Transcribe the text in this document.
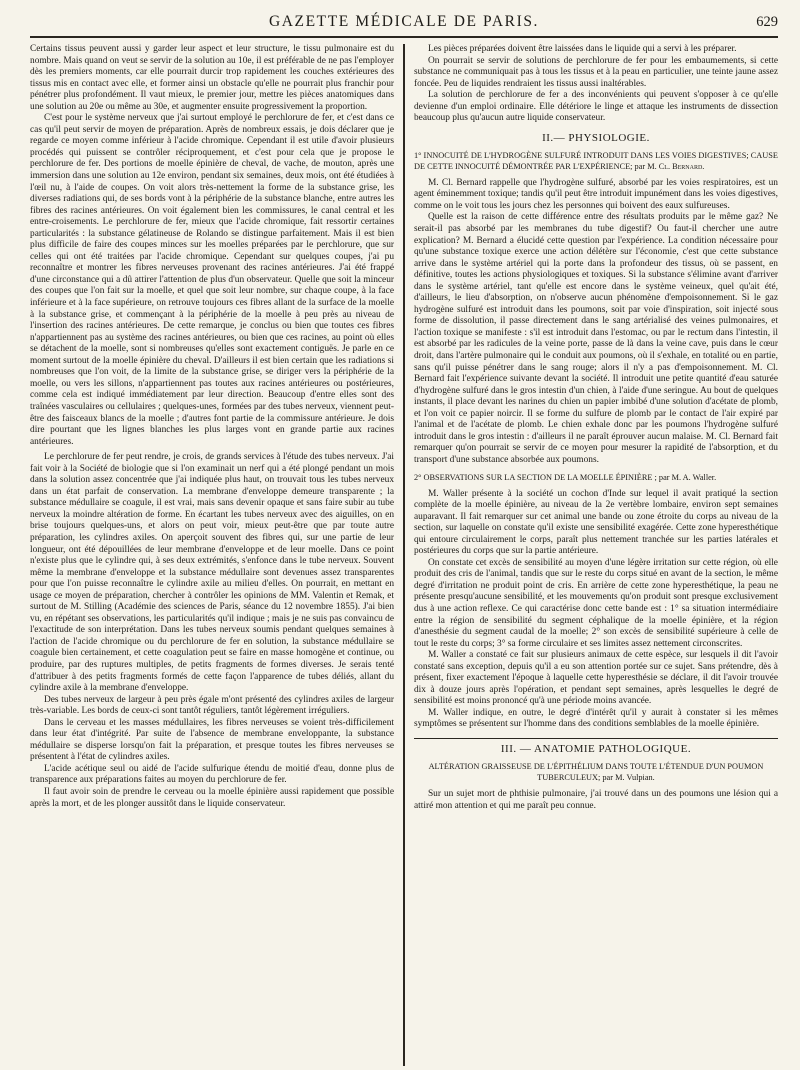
GAZETTE MÉDICALE DE PARIS.	629

Certains tissus peuvent aussi y garder leur aspect et leur structure, le tissu pulmonaire est du nombre. Mais quand on veut se servir de la solution au 10e, il est préférable de ne pas l'employer dès les premiers moments, car elle pourrait durcir trop rapidement les couches extérieures des tissus mis en contact avec elle, et former ainsi un obstacle qu'elle ne pourrait plus franchir pour pénétrer plus profondément. Il vaut mieux, le premier jour, mettre les pièces anatomiques dans une solution au 20e ou même au 30e, et augmenter ensuite progressivement la proportion.

C'est pour le système nerveux que j'ai surtout employé le perchlorure de fer, et c'est dans ce cas qu'il peut servir de moyen de préparation. Après de nombreux essais, je dois déclarer que je regarde ce moyen comme inférieur à l'acide chromique. Cependant il est utile d'avoir plusieurs procédés qui puissent se contrôler réciproquement, et c'est pour cela que je propose le perchlorure de fer. Des portions de moelle épinière de cheval, de vache, de mouton, après une immersion dans une solution au 12e environ, pendant six semaines, deux mois, ont été étudiées à l'œil nu, à l'aide de coupes. On voit alors très-nettement la forme de la substance grise, les diverses radiations qui, de ses bords vont à la périphérie de la substance blanche, entre autres les fibres des racines antérieures. On voit également bien les commissures, le canal central et les entre-croisements. Le perchlorure de fer, mieux que l'acide chromique, fait ressortir certaines particularités : la substance gélatineuse de Rolando se distingue parfaitement. Mais il est bien plus difficile de faire des coupes minces sur les moelles préparées par le perchlorure, que sur celles qui ont été traitées par l'acide chromique. Cependant sur quelques coupes, j'ai pu reconnaître et montrer les fibres nerveuses provenant des racines antérieures. J'ai été frappé d'une circonstance qui a dû attirer l'attention de plus d'un observateur. Quelle que soit la minceur des coupes que l'on fait sur la moelle, et quel que soit leur nombre, sur chaque coupe, à la face inférieure et à la face supérieure, on retrouve toujours ces fibres allant de la surface de la moelle à la substance grise, et commençant à la périphérie de la moelle à peu près au niveau de l'insertion des racines antérieures. De cette remarque, je conclus ou bien que toutes ces fibres n'appartiennent pas au système des racines antérieures, ou bien que ces racines, au point où elles se détachent de la moelle, sont si nombreuses qu'elles sont exactement contiguës. Je parle en ce moment surtout de la moelle épinière du cheval. D'ailleurs il est bien certain que les radiations si nombreuses que l'on voit, de la limite de la substance grise, se diriger vers la périphérie de la moelle, ou vers les sillons, n'appartiennent pas toutes aux racines antérieures ou postérieures, comme cela est indiqué immédiatement par leur direction. Beaucoup d'entre elles sont des traînées vasculaires ou cellulaires ; quelques-unes, formées par des tubes nerveux, viennent peut-être des faisceaux blancs de la moelle ; d'autres font partie de la commissure antérieure. Je dois dire pourtant que les lignes blanches les plus larges vont en grande partie aux racines antérieures.

Le perchlorure de fer peut rendre, je crois, de grands services à l'étude des tubes nerveux. J'ai fait voir à la Société de biologie que si l'on examinait un nerf qui a été plongé pendant un mois dans la solution assez concentrée que j'ai indiquée plus haut, on trouvait tous les tubes nerveux dans un état parfait de conservation. La membrane d'enveloppe demeure transparente ; la substance médullaire se coagule, il est vrai, mais sans devenir opaque et sans faire subir au tube nerveux la moindre altération de forme. En écartant les tubes nerveux avec des aiguilles, on en brise toujours quelques-uns, et alors on peut voir, mieux peut-être que par toute autre préparation, les cylindres axiles. On aperçoit souvent des fibres qui, sur une partie de leur longueur, ont été dépouillées de leur membrane d'enveloppe et de leur moelle. Dans ce point n'existe plus que le cylindre qui, à ses deux extrémités, s'enfonce dans le tube nerveux. Souvent même la membrane d'enveloppe et la substance médullaire sont devenues assez transparentes pour que l'on puisse reconnaître le cylindre axile au milieu d'elles. On pourrait, en mettant en usage ce moyen de préparation, chercher à contrôler les opinions de MM. Valentin et Remak, et surtout de M. Stilling (Académie des sciences de Paris, séance du 12 novembre 1855). J'ai bien vu, en répétant ses observations, les particularités qu'il indique ; mais je ne suis pas convaincu de l'exactitude de son interprétation. Dans les tubes nerveux soumis pendant quelques semaines à l'action de l'acide chromique ou du perchlorure de fer en solution, la substance médullaire se coagule bien certainement, et cette coagulation peut se faire en masse homogène et continue, ou produire, par des ruptures multiples, de petits fragments de formes diverses. Je serais tenté d'attribuer à des petits fragments formés de cette façon l'apparence de tubes déliés, allant du cylindre axile à la membrane d'enveloppe.

Des tubes nerveux de largeur à peu près égale m'ont présenté des cylindres axiles de largeur très-variable. Les bords de ceux-ci sont tantôt réguliers, tantôt légèrement irréguliers.

Dans le cerveau et les masses médullaires, les fibres nerveuses se voient très-difficilement dans leur état d'intégrité. Par suite de l'absence de membrane enveloppante, la substance médullaire se disperse lorsqu'on fait la préparation, et presque toutes les fibres nerveuses se présentent à l'état de cylindres axiles.

L'acide acétique seul ou aidé de l'acide sulfurique étendu de moitié d'eau, donne plus de transparence aux préparations faites au moyen du perchlorure de fer.

Il faut avoir soin de prendre le cerveau ou la moelle épinière aussi rapidement que possible après la mort, et de les plonger aussitôt dans le liquide conservateur.

Les pièces préparées doivent être laissées dans le liquide qui a servi à les préparer.

On pourrait se servir de solutions de perchlorure de fer pour les embaumements, si cette substance ne communiquait pas à tous les tissus et à la peau en particulier, une teinte jaune assez foncée. Peu de liquides rendraient les tissus aussi inaltérables.

La solution de perchlorure de fer a des inconvénients qui peuvent s'opposer à ce qu'elle devienne d'un emploi ordinaire. Elle détériore le linge et attaque les instruments de dissection beaucoup plus qu'aucun autre liquide conservateur.

II.— PHYSIOLOGIE.
1° INNOCUITÉ DE L'HYDROGÈNE SULFURÉ INTRODUIT DANS LES VOIES DIGESTIVES; CAUSE DE CETTE INNOCUITÉ DÉMONTRÉE PAR L'EXPÉRIENCE; par M. Cl. Bernard.

M. Cl. Bernard rappelle que l'hydrogène sulfuré, absorbé par les voies respiratoires, est un agent éminemment toxique; tandis qu'il peut être introduit impunément dans les voies digestives, comme on le voit tous les jours chez les personnes qui boivent des eaux sulfureuses.

Quelle est la raison de cette différence entre des résultats produits par le même gaz? Ne serait-il pas absorbé par les membranes du tube digestif? Ou faut-il chercher une autre explication? M. Bernard a élucidé cette question par l'expérience. La condition nécessaire pour qu'une substance toxique exerce une action délétère sur l'économie, c'est que cette substance arrive dans le système artériel qui la porte dans la profondeur des tissus, où se passent, en définitive, toutes les actions physiologiques et toxiques. Si la substance s'élimine avant d'arriver dans le système artériel, tant qu'elle est encore dans le système veineux, quel qu'ait été, d'ailleurs, le lieu d'absorption, on n'observe aucun phénomène d'empoisonnement. Si le gaz hydrogène sulfuré est introduit dans les poumons, soit par voie d'inspiration, soit injecté sous forme de dissolution, il passe directement dans le sang artérialisé des veines pulmonaires, et l'action toxique se manifeste : s'il est introduit dans l'estomac, ou par le rectum dans l'intestin, il est absorbé par les radicules de la veine porte, passe de là dans la veine cave, puis dans le cœur droit, dans l'artère pulmonaire qui le conduit aux poumons, où il s'exhale, en totalité ou en partie, sans qu'il puisse pénétrer dans le sang rouge; alors il n'y a pas d'empoisonnement. M. Cl. Bernard fait l'expérience suivante devant la société. Il introduit une petite quantité d'eau saturée d'hydrogène sulfuré dans le gros intestin d'un chien, à l'aide d'une seringue. Au bout de quelques instants, il place devant les narines du chien un papier imbibé d'une solution d'acétate de plomb, et l'on voit ce papier noircir. Il se forme du sulfure de plomb par le contact de l'air expiré par l'animal et de l'acétate de plomb. Le chien exhale donc par les poumons l'hydrogène sulfuré introduit dans le gros intestin : d'ailleurs il ne paraît éprouver aucun malaise. M. Cl. Bernard fait remarquer qu'on pourrait se servir de ce moyen pour mesurer la rapidité de l'absorption, et du transport d'une substance absorbée aux poumons.

2° OBSERVATIONS SUR LA SECTION DE LA MOELLE ÉPINIÈRE ; par M. A. Waller.

M. Waller présente à la société un cochon d'Inde sur lequel il avait pratiqué la section complète de la moelle épinière, au niveau de la 2e vertèbre lombaire, environ sept semaines auparavant. Il fait remarquer sur cet animal une bande ou zone étroite du corps au niveau de la section, sur laquelle on constate qu'il existe une sensibilité exagérée. Cette zone hyperesthétique qui entoure circulairement le corps, paraît plus nettement tranchée sur les parties latérales et postérieures du corps que sur la partie antérieure.

On constate cet excès de sensibilité au moyen d'une légère irritation sur cette région, où elle produit des cris de l'animal, tandis que sur le reste du corps situé en avant de la section, le même degré d'irritation ne produit point de cris. En arrière de cette zone hyperesthétique, la peau ne présente presqu'aucune sensibilité, et les mouvements qu'on produit sont presque exclusivement dus à une action reflexe. Ce qui caractérise donc cette bande est : 1° sa situation intermédiaire entre la région de sensibilité du segment céphalique de la moelle épinière, et la région d'anesthésie du segment caudal de la moelle; 2° son excès de sensibilité supérieure à celle de tout le reste du corps; 3° sa forme circulaire et ses limites assez nettement circonscrites.

M. Waller a constaté ce fait sur plusieurs animaux de cette espèce, sur lesquels il dit l'avoir constaté sans exception, depuis qu'il a eu son attention portée sur ce sujet. Sans prétendre, dès à présent, fixer exactement l'époque à laquelle cette hyperesthésie se déclare, il dit l'avoir trouvée dix à douze jours après l'opération, et pendant sept semaines, après lesquelles le degré de sensibilité est moins prononcé qu'à une période moins avancée.

M. Waller indique, en outre, le degré d'intérêt qu'il y aurait à constater si les mêmes symptômes se présentent sur l'homme dans des conditions semblables de la moelle épinière.

III. — ANATOMIE PATHOLOGIQUE.
ALTÉRATION GRAISSEUSE DE L'ÉPITHÉLIUM DANS TOUTE L'ÉTENDUE D'UN POUMON TUBERCULEUX; par M. Vulpian.

Sur un sujet mort de phthisie pulmonaire, j'ai trouvé dans un des poumons une lésion qui a attiré mon attention et qui me paraît peu connue.
